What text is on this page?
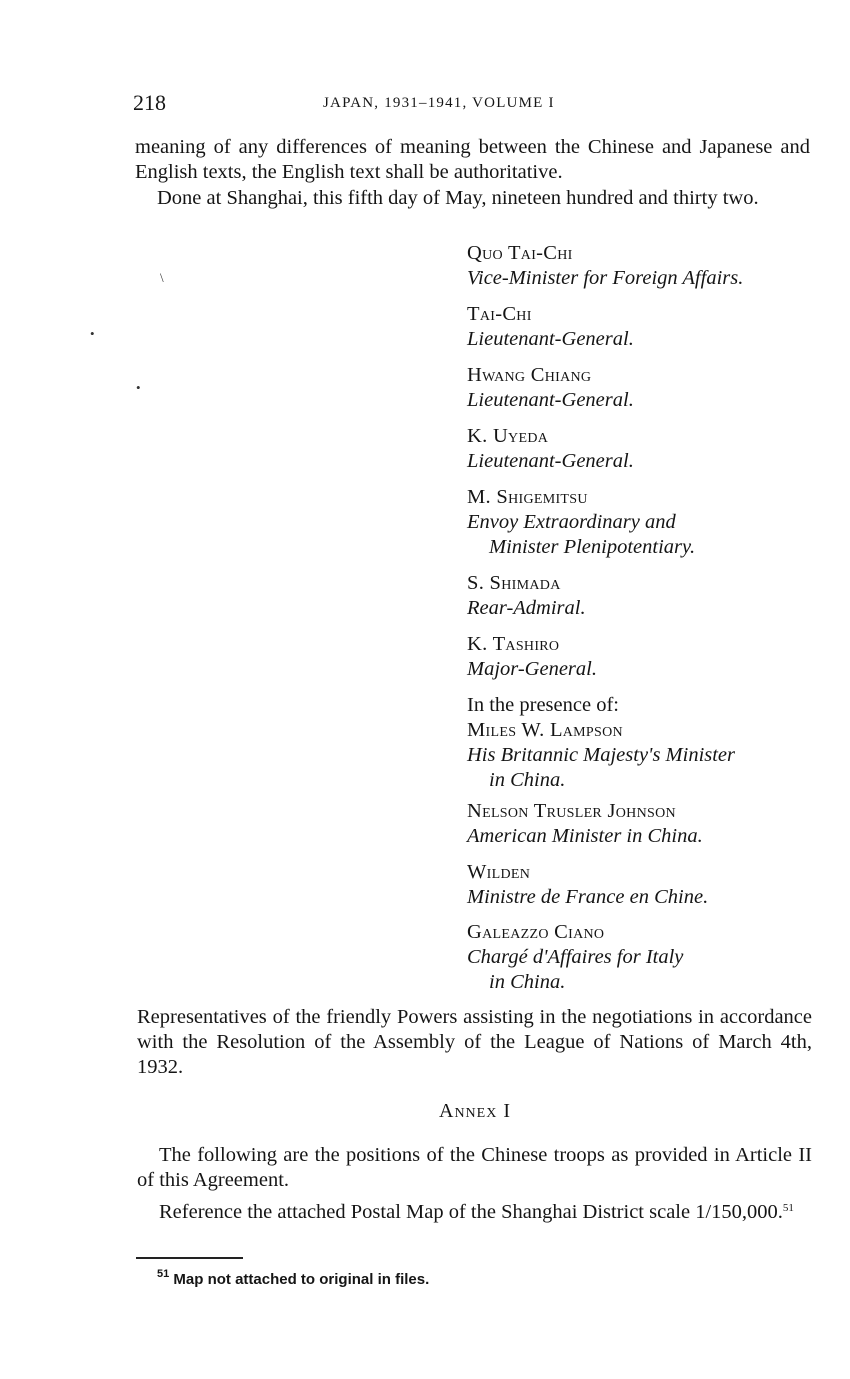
218	JAPAN, 1931–1941, VOLUME I
meaning of any differences of meaning between the Chinese and Japanese and English texts, the English text shall be authoritative.
Done at Shanghai, this fifth day of May, nineteen hundred and thirty two.
\
•
•
Quo Tai-Chi
Vice-Minister for Foreign Affairs.
Tai-Chi
Lieutenant-General.
Hwang Chiang
Lieutenant-General.
K. Uyeda
Lieutenant-General.
M. Shigemitsu
Envoy Extraordinary and
Minister Plenipotentiary.
S. Shimada
Rear-Admiral.
K. Tashiro
Major-General.
In the presence of:
Miles W. Lampson
His Britannic Majesty's Minister
in China.
Nelson Trusler Johnson
American Minister in China.
Wilden
Ministre de France en Chine.
Galeazzo Ciano
Chargé d'Affaires for Italy
in China.
Representatives of the friendly Powers assisting in the negotiations in accordance with the Resolution of the Assembly of the League of Nations of March 4th, 1932.
Annex I
The following are the positions of the Chinese troops as provided in Article II of this Agreement.
Reference the attached Postal Map of the Shanghai District scale 1/150,000.51
$^{51}$ Map not attached to original in files.
